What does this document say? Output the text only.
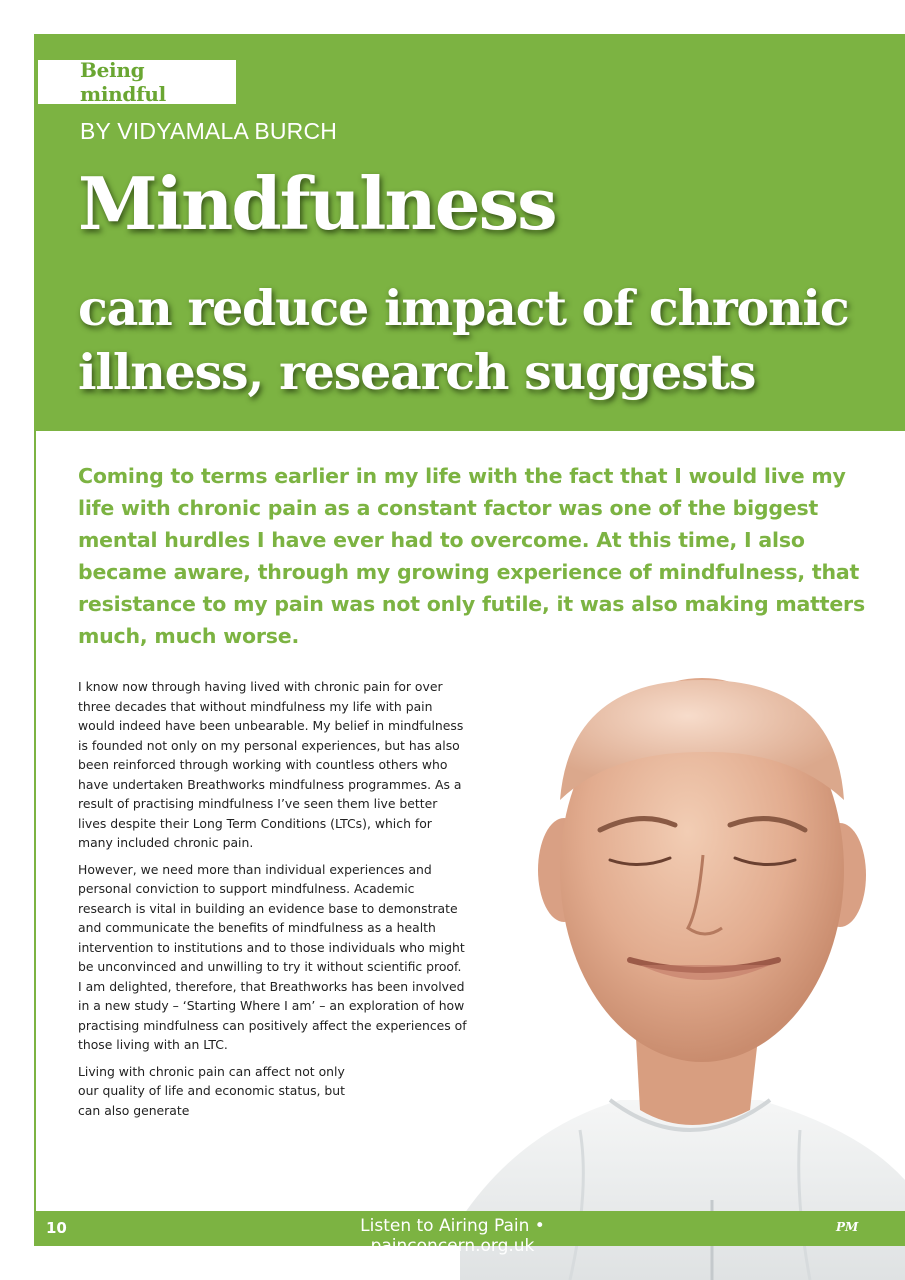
Being mindful
BY VIDYAMALA BURCH
Mindfulness
can reduce impact of chronic illness, research suggests

Coming to terms earlier in my life with the fact that I would live my life with chronic pain as a constant factor was one of the biggest mental hurdles I have ever had to overcome. At this time, I also became aware, through my growing experience of mindfulness, that resistance to my pain was not only futile, it was also making matters much, much worse.

I know now through having lived with chronic pain for over three decades that without mindfulness my life with pain would indeed have been unbearable. My belief in mindfulness is founded not only on my personal experiences, but has also been reinforced through working with countless others who have undertaken Breathworks mindfulness programmes. As a result of practising mindfulness I’ve seen them live better lives despite their Long Term Conditions (LTCs), which for many included chronic pain.

However, we need more than individual experiences and personal conviction to support mindfulness. Academic research is vital in building an evidence base to demonstrate and communicate the benefits of mindfulness as a health intervention to institutions and to those individuals who might be unconvinced and unwilling to try it without scientific proof. I am delighted, therefore, that Breathworks has been involved in a new study – ‘Starting Where I am’ – an exploration of how practising mindfulness can positively affect the experiences of those living with an LTC.

Living with chronic pain can affect not only our quality of life and economic status, but can also generate

10	Listen to Airing Pain • painconcern.org.uk
PM
